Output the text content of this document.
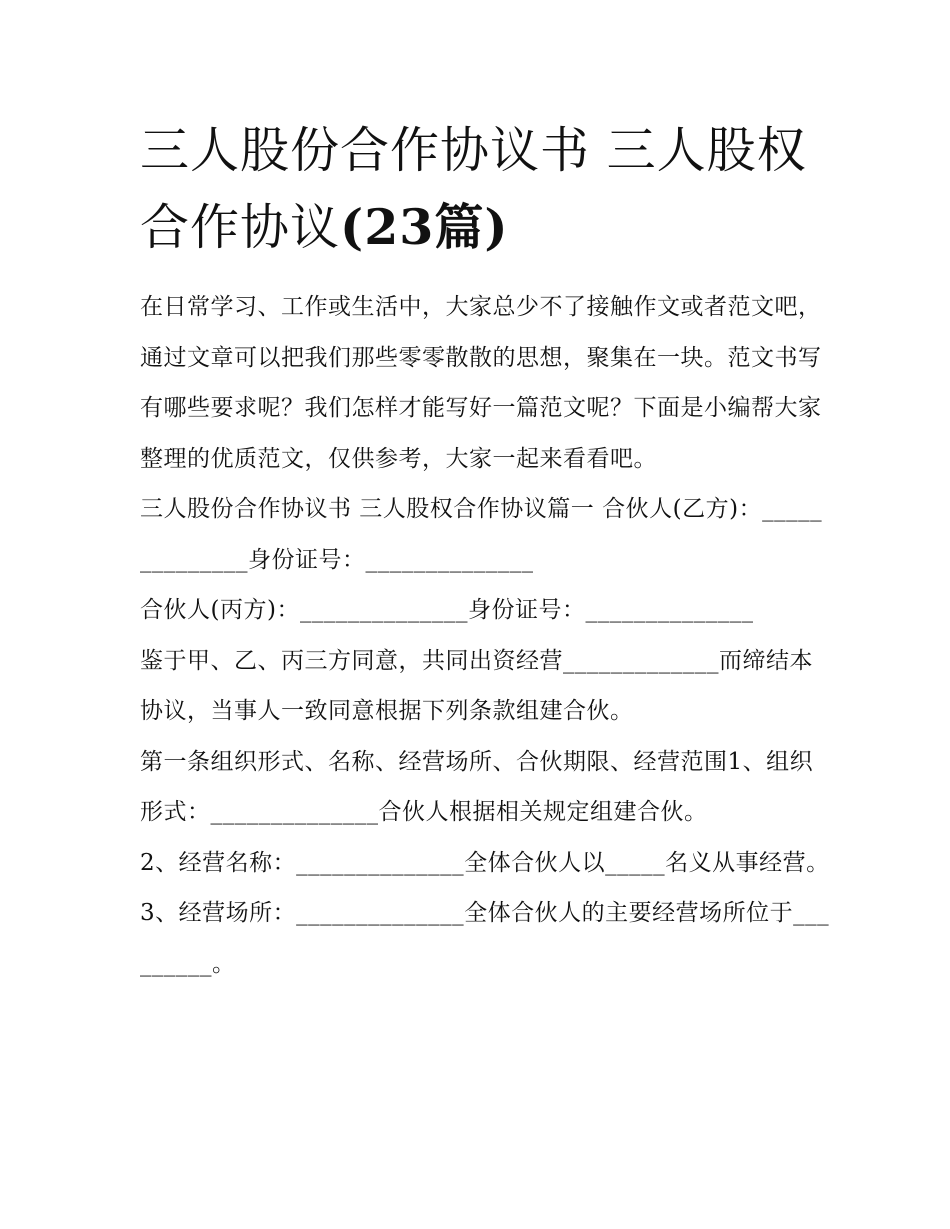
三人股份合作协议书 三人股权合作协议(23篇)

在日常学习、工作或生活中，大家总少不了接触作文或者范文吧，通过文章可以把我们那些零零散散的思想，聚集在一块。范文书写有哪些要求呢？我们怎样才能写好一篇范文呢？下面是小编帮大家整理的优质范文，仅供参考，大家一起来看看吧。

三人股份合作协议书 三人股权合作协议篇一 合伙人(乙方)：______________身份证号：______________

合伙人(丙方)：______________身份证号：______________

鉴于甲、乙、丙三方同意，共同出资经营_____________而缔结本协议，当事人一致同意根据下列条款组建合伙。

第一条组织形式、名称、经营场所、合伙期限、经营范围1、组织形式：______________合伙人根据相关规定组建合伙。

2、经营名称：______________全体合伙人以_____名义从事经营。

3、经营场所：______________全体合伙人的主要经营场所位于_________。
